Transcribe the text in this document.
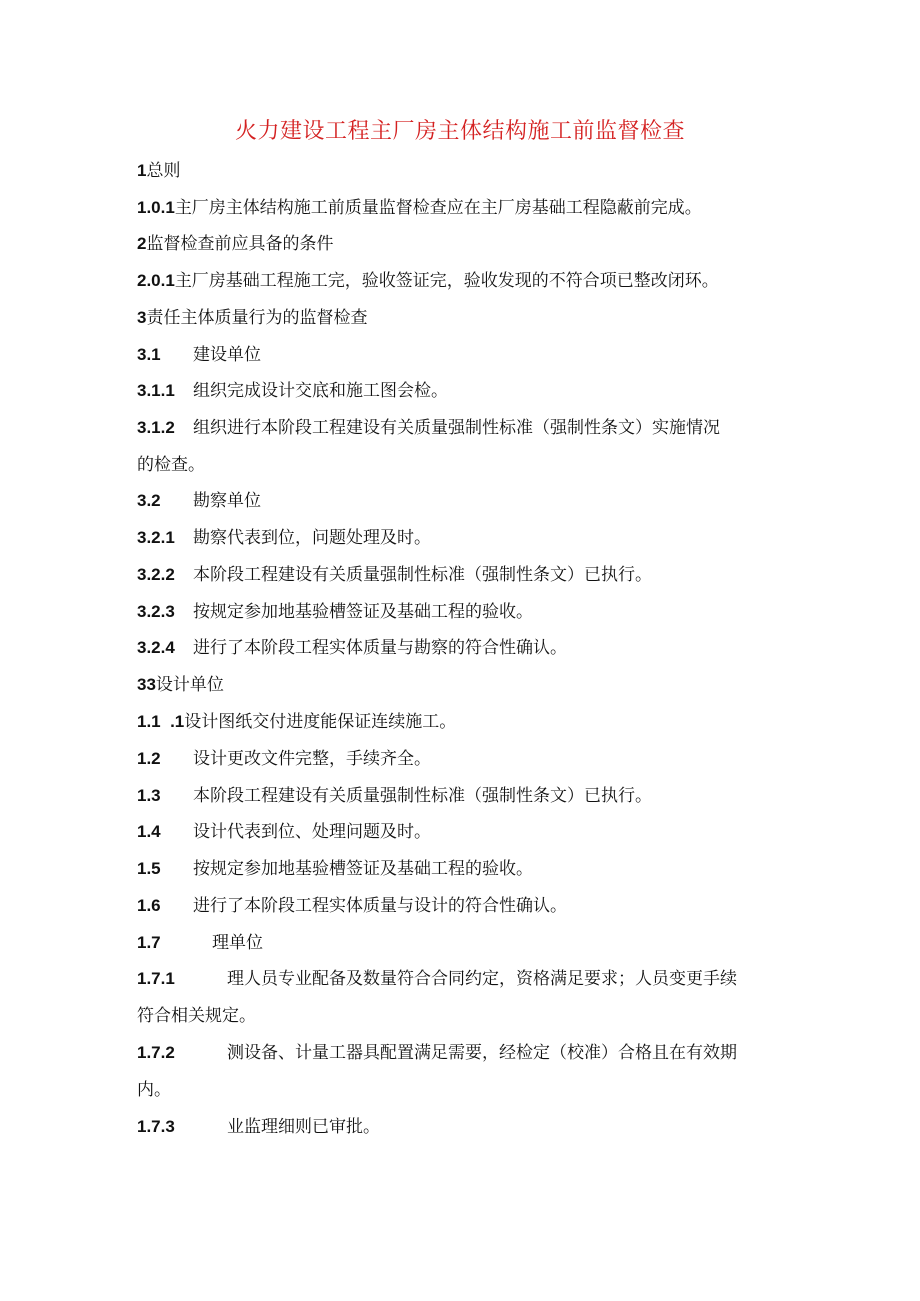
火力建设工程主厂房主体结构施工前监督检查
1总则
1.0.1主厂房主体结构施工前质量监督检查应在主厂房基础工程隐蔽前完成。
2监督检查前应具备的条件
2.0.1主厂房基础工程施工完，验收签证完，验收发现的不符合项已整改闭环。
3责任主体质量行为的监督检查
3.1 建设单位
3.1.1 组织完成设计交底和施工图会检。
3.1.2 组织进行本阶段工程建设有关质量强制性标准（强制性条文）实施情况
的检查。
3.2 勘察单位
3.2.1 勘察代表到位，问题处理及时。
3.2.2 本阶段工程建设有关质量强制性标准（强制性条文）已执行。
3.2.3 按规定参加地基验槽签证及基础工程的验收。
3.2.4 进行了本阶段工程实体质量与勘察的符合性确认。
33设计单位
1.1  .1设计图纸交付进度能保证连续施工。
1.2 设计更改文件完整，手续齐全。
1.3 本阶段工程建设有关质量强制性标准（强制性条文）已执行。
1.4 设计代表到位、处理问题及时。
1.5 按规定参加地基验槽签证及基础工程的验收。
1.6 进行了本阶段工程实体质量与设计的符合性确认。
1.7	理单位
1.7.1	理人员专业配备及数量符合合同约定，资格满足要求；人员变更手续
符合相关规定。
1.7.2	测设备、计量工器具配置满足需要，经检定（校准）合格且在有效期
内。
1.7.3	业监理细则已审批。
